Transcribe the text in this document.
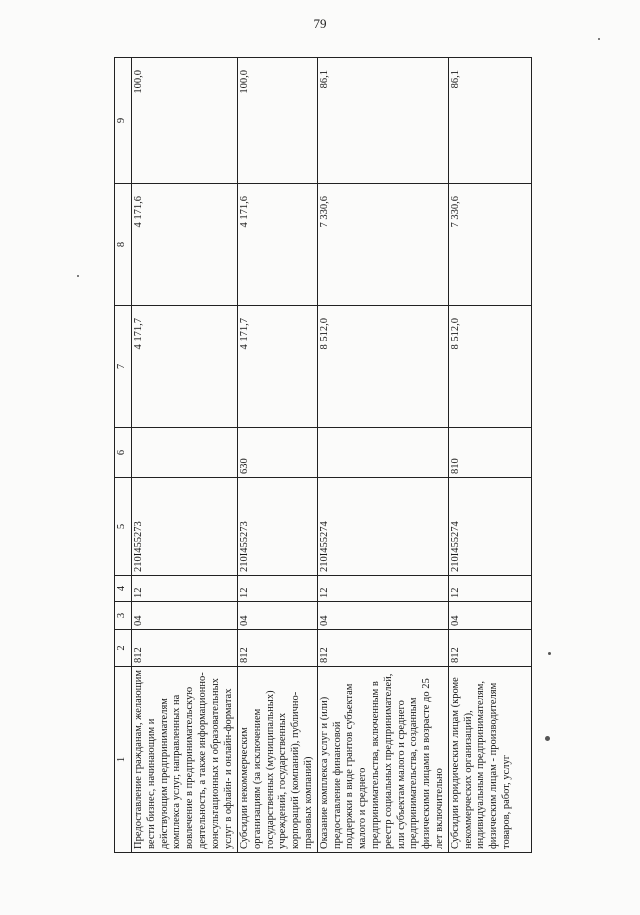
79
1	2	3	4	5	6	7	8	9
Предоставление гражданам, желающим вести бизнес, начинающим и действующим предпринимателям комплекса услуг, направленных на вовлечение в предпринимательскую деятельность, а также информационно-консультационных и образовательных услуг в офлайн- и онлайн-форматах	812	04	12	210I455273		4 171,7	4 171,6	100,0
Субсидии некоммерческим организациям (за исключением государственных (муниципальных) учреждений, государственных корпораций (компаний), публично-правовых компаний)	812	04	12	210I455273	630	4 171,7	4 171,6	100,0
Оказание комплекса услуг и (или) предоставление финансовой поддержки в виде грантов субъектам малого и среднего предпринимательства, включенным в реестр социальных предпринимателей, или субъектам малого и среднего предпринимательства, созданным физическими лицами в возрасте до 25 лет включительно	812	04	12	210I455274		8 512,0	7 330,6	86,1
Субсидии юридическим лицам (кроме некоммерческих организаций), индивидуальным предпринимателям, физическим лицам - производителям товаров, работ, услуг	812	04	12	210I455274	810	8 512,0	7 330,6	86,1
